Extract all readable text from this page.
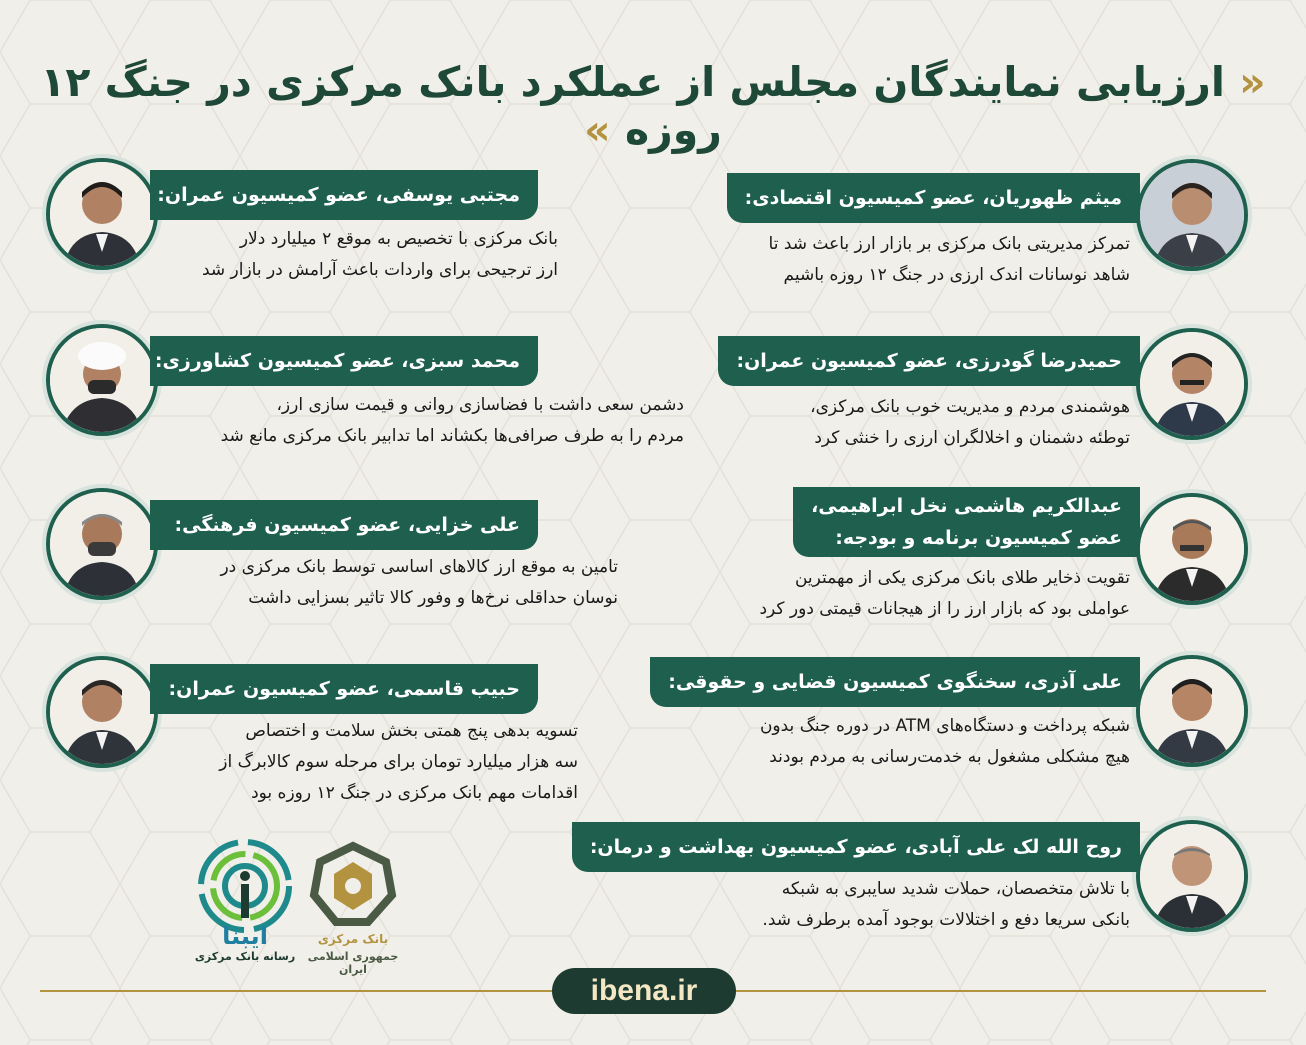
« ارزیابی نمایندگان مجلس از عملکرد بانک مرکزی در جنگ ۱۲ روزه »
میثم ظهوریان، عضو کمیسیون اقتصادی:
تمرکز مدیریتی بانک مرکزی بر بازار ارز باعث شد تا
شاهد نوسانات اندک ارزی در جنگ ۱۲ روزه باشیم
حمیدرضا گودرزی، عضو کمیسیون عمران:
هوشمندی مردم و مدیریت خوب بانک مرکزی،
توطئه دشمنان و اخلالگران ارزی را خنثی کرد
عبدالکریم هاشمی نخل ابراهیمی،
عضو کمیسیون برنامه و بودجه:
تقویت ذخایر طلای بانک مرکزی یکی از مهمترین
عواملی بود که بازار ارز را از هیجانات قیمتی دور کرد
علی آذری، سخنگوی کمیسیون قضایی و حقوقی:
شبکه پرداخت و دستگاه‌های ATM در دوره جنگ بدون
هیچ مشکلی مشغول به خدمت‌رسانی به مردم بودند
روح الله لک علی آبادی، عضو کمیسیون بهداشت و درمان:
با تلاش متخصصان، حملات شدید سایبری به شبکه
بانکی سریعا دفع و اختلالات بوجود آمده برطرف شد.
مجتبی یوسفی، عضو کمیسیون عمران:
بانک مرکزی با تخصیص به موقع ۲ میلیارد دلار
ارز ترجیحی برای واردات باعث آرامش در بازار شد
محمد سبزی، عضو کمیسیون کشاورزی:
دشمن سعی داشت با فضاسازی روانی و قیمت سازی ارز،
مردم را به طرف صرافی‌ها بکشاند اما تدابیر بانک مرکزی مانع شد
علی خزایی، عضو کمیسیون فرهنگی:
تامین به موقع ارز کالاهای اساسی توسط بانک مرکزی در
نوسان حداقلی نرخ‌ها و وفور کالا تاثیر بسزایی داشت
حبیب قاسمی، عضو کمیسیون عمران:
تسویه بدهی پنج همتی بخش سلامت و اختصاص
سه هزار میلیارد تومان برای مرحله سوم کالابرگ از
اقدامات مهم بانک مرکزی در جنگ ۱۲ روزه بود
ایبنا
رسانه بانک مرکزی
بانک مرکزی
جمهوری اسلامی ایران
ibena.ir
